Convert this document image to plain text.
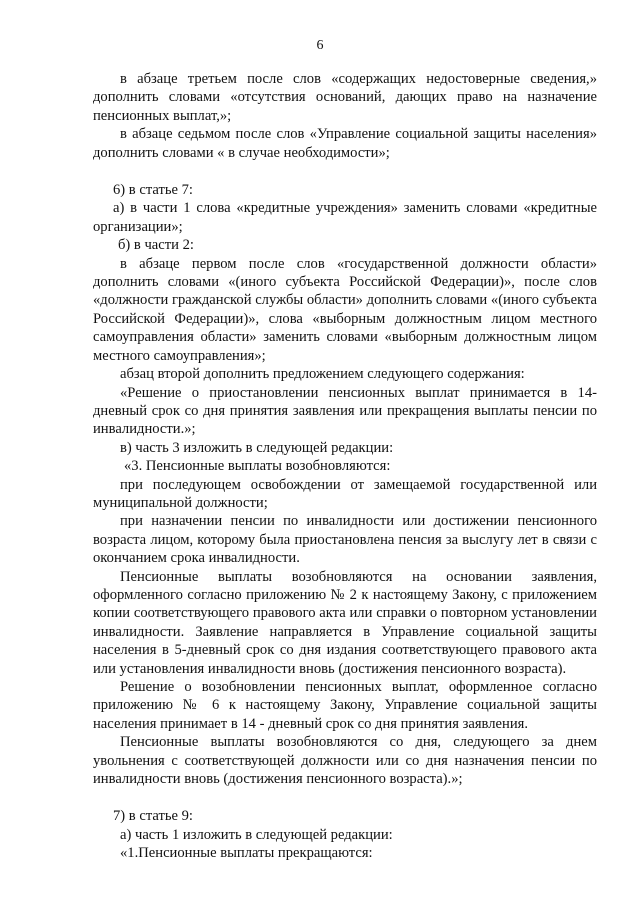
6

в абзаце третьем после слов «содержащих недостоверные сведения,» дополнить словами «отсутствия оснований, дающих право на назначение пенсионных выплат,»;

в абзаце седьмом после слов «Управление социальной защиты населения» дополнить словами « в случае необходимости»;

6) в статье 7:

а) в части 1 слова «кредитные учреждения» заменить словами «кредитные организации»;

б) в части 2:

в абзаце первом после слов «государственной должности области» дополнить словами «(иного субъекта Российской Федерации)», после слов «должности гражданской службы области» дополнить словами «(иного субъекта Российской Федерации)», слова «выборным должностным лицом местного самоуправления области» заменить словами «выборным должностным лицом местного самоуправления»;

абзац второй дополнить предложением следующего содержания:

«Решение о приостановлении пенсионных выплат принимается в 14-дневный срок со дня принятия заявления или прекращения выплаты пенсии по инвалидности.»;

в) часть 3 изложить в следующей редакции:

«3. Пенсионные выплаты возобновляются:

при последующем освобождении от замещаемой государственной или муниципальной должности;

при назначении пенсии по инвалидности или достижении пенсионного возраста лицом, которому была приостановлена пенсия за выслугу лет в связи с окончанием срока инвалидности.

Пенсионные выплаты возобновляются на основании заявления, оформленного согласно приложению № 2 к настоящему Закону, с приложением копии соответствующего правового акта или справки о повторном установлении инвалидности. Заявление направляется в Управление социальной защиты населения в 5-дневный срок со дня издания соответствующего правового акта или установления инвалидности вновь (достижения пенсионного возраста).

Решение о возобновлении пенсионных выплат, оформленное согласно приложению № 6 к настоящему Закону, Управление социальной защиты населения принимает в 14 - дневный срок со дня принятия заявления.

Пенсионные выплаты возобновляются со дня, следующего за днем увольнения с соответствующей должности или со дня назначения пенсии по инвалидности вновь (достижения пенсионного возраста).»;

7) в статье 9:

а) часть 1 изложить в следующей редакции:

«1.Пенсионные выплаты прекращаются:
